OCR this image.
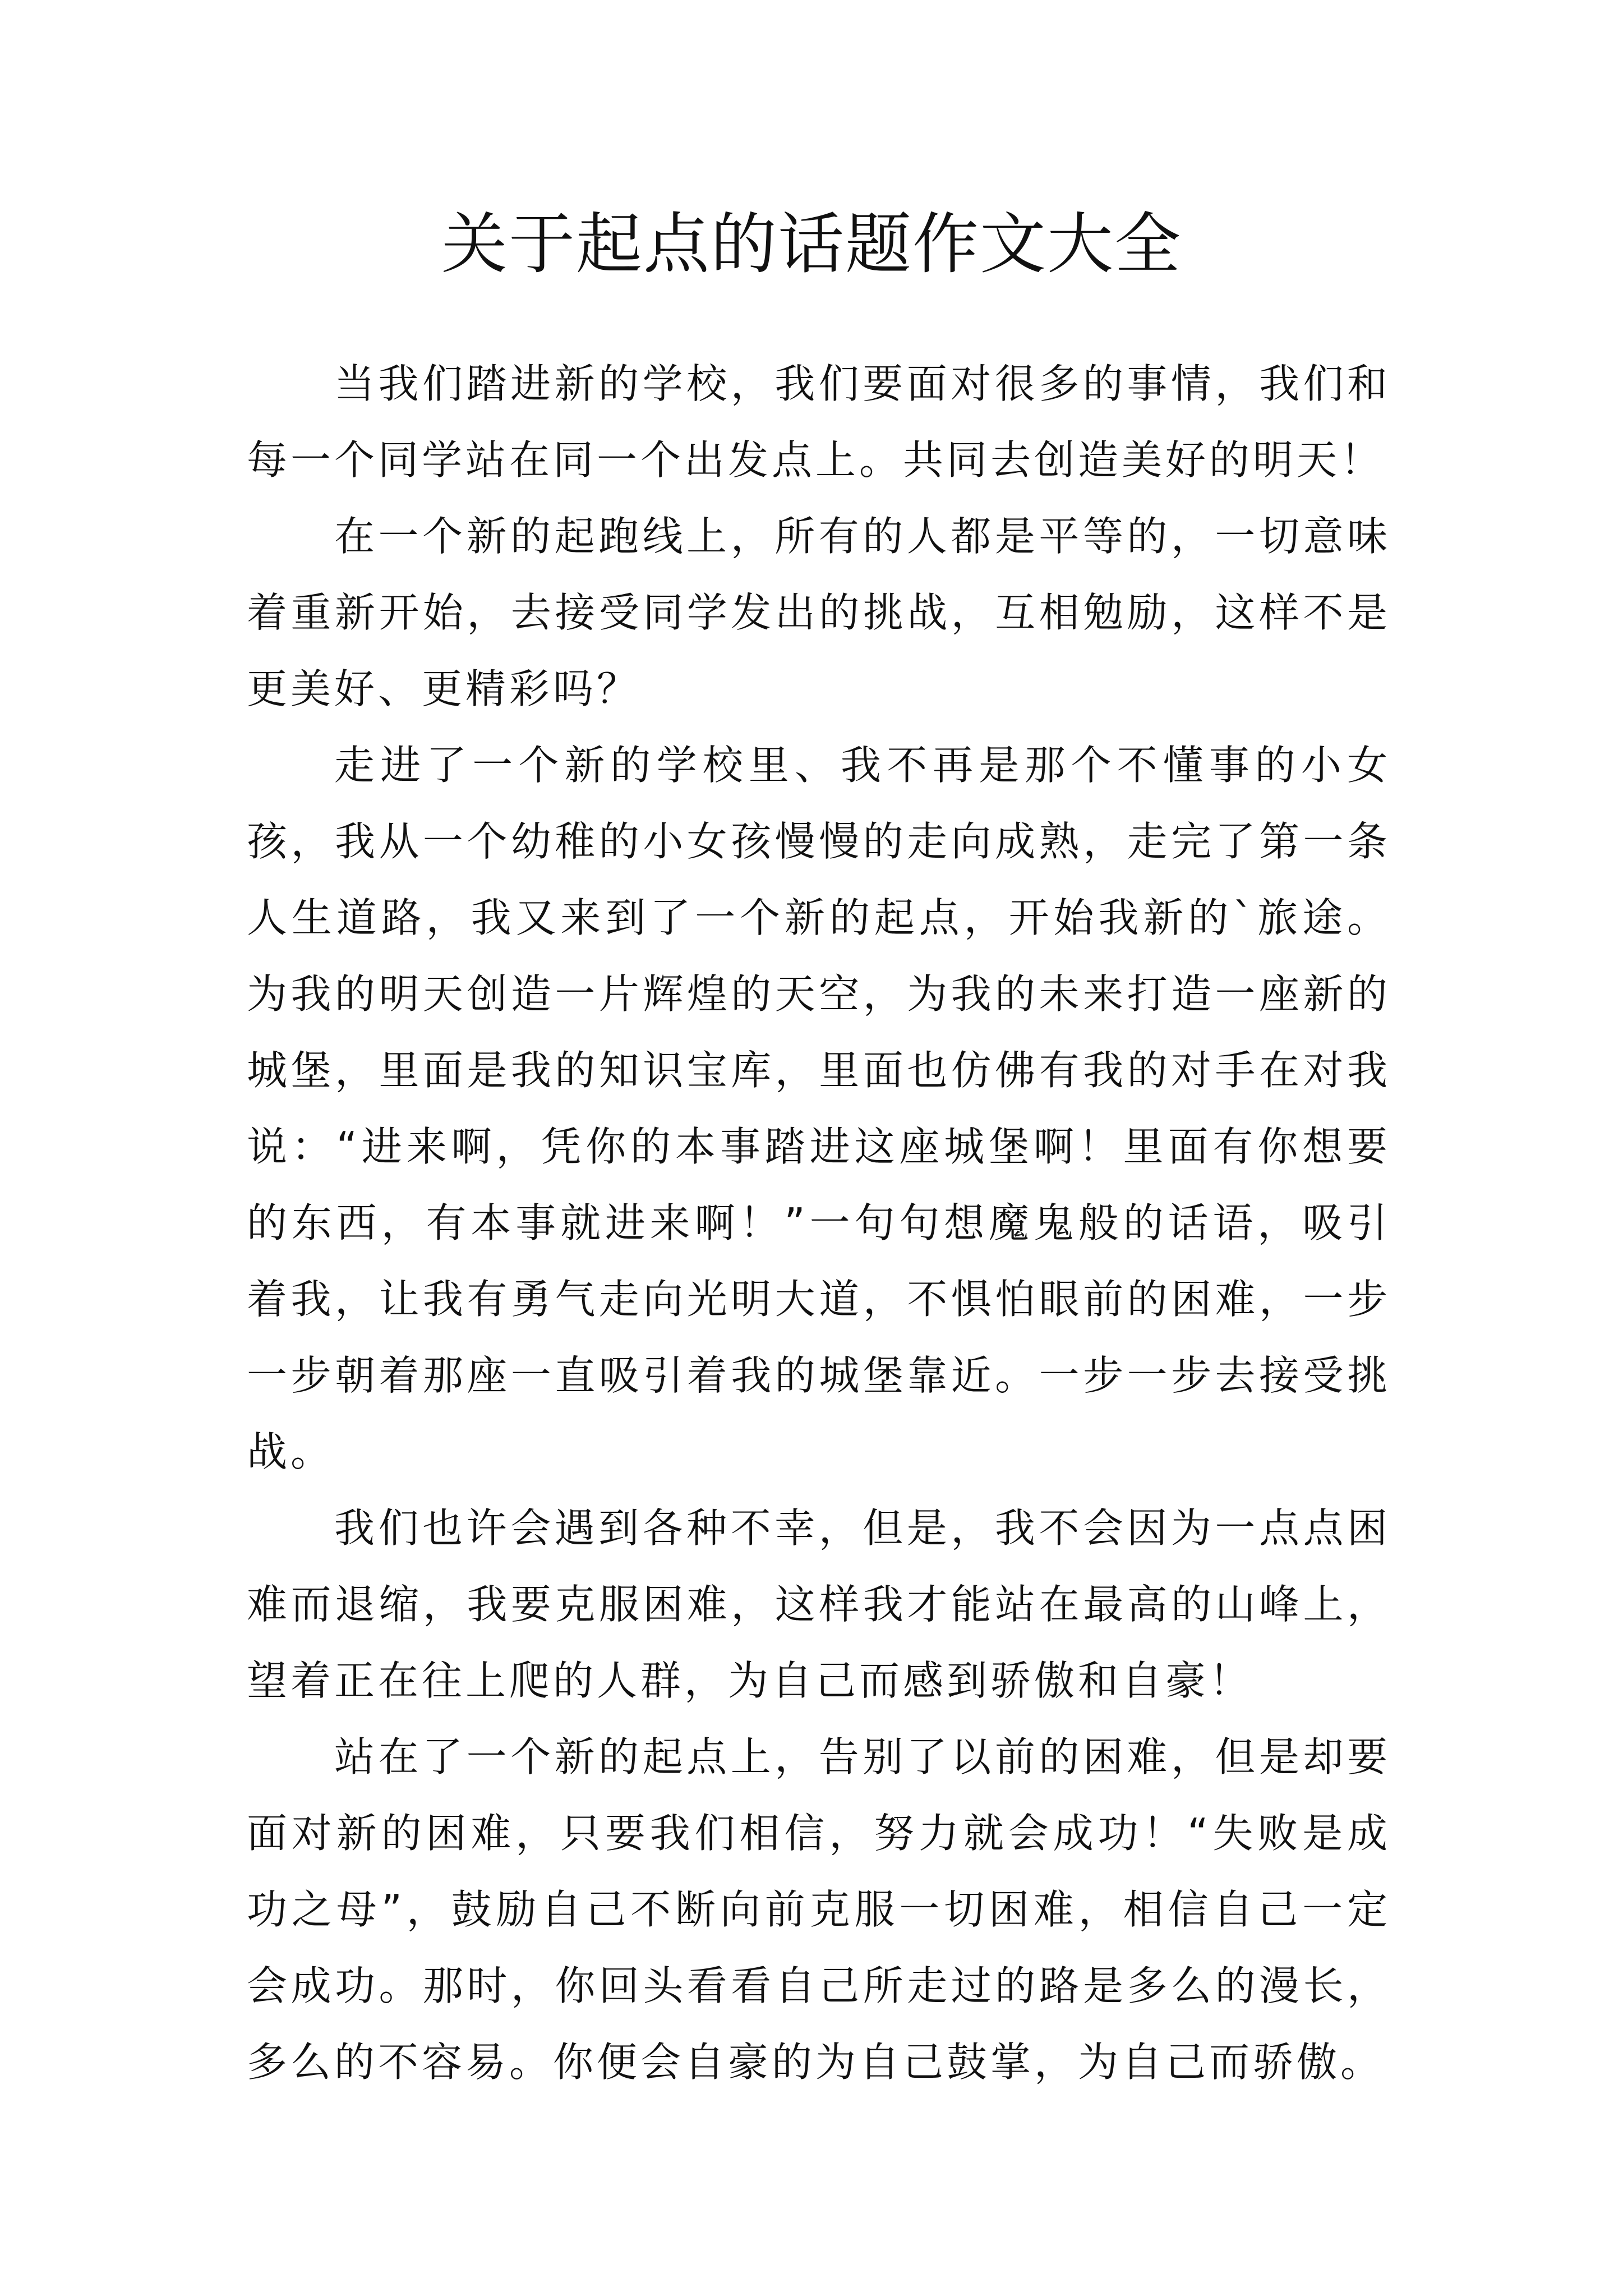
关于起点的话题作文大全

当我们踏进新的学校，我们要面对很多的事情，我们和每一个同学站在同一个出发点上。共同去创造美好的明天！

在一个新的起跑线上，所有的人都是平等的，一切意味着重新开始，去接受同学发出的挑战，互相勉励，这样不是更美好、更精彩吗？

走进了一个新的学校里、我不再是那个不懂事的小女孩，我从一个幼稚的小女孩慢慢的走向成熟，走完了第一条人生道路，我又来到了一个新的起点，开始我新的`旅途。为我的明天创造一片辉煌的天空，为我的未来打造一座新的城堡，里面是我的知识宝库，里面也仿佛有我的对手在对我说：“进来啊，凭你的本事踏进这座城堡啊！里面有你想要的东西，有本事就进来啊！”一句句想魔鬼般的话语，吸引着我，让我有勇气走向光明大道，不惧怕眼前的困难，一步一步朝着那座一直吸引着我的城堡靠近。一步一步去接受挑战。

我们也许会遇到各种不幸，但是，我不会因为一点点困难而退缩，我要克服困难，这样我才能站在最高的山峰上，望着正在往上爬的人群，为自己而感到骄傲和自豪！

站在了一个新的起点上，告别了以前的困难，但是却要面对新的困难，只要我们相信，努力就会成功！“失败是成功之母”，鼓励自己不断向前克服一切困难，相信自己一定会成功。那时，你回头看看自己所走过的路是多么的漫长，多么的不容易。你便会自豪的为自己鼓掌，为自己而骄傲。
